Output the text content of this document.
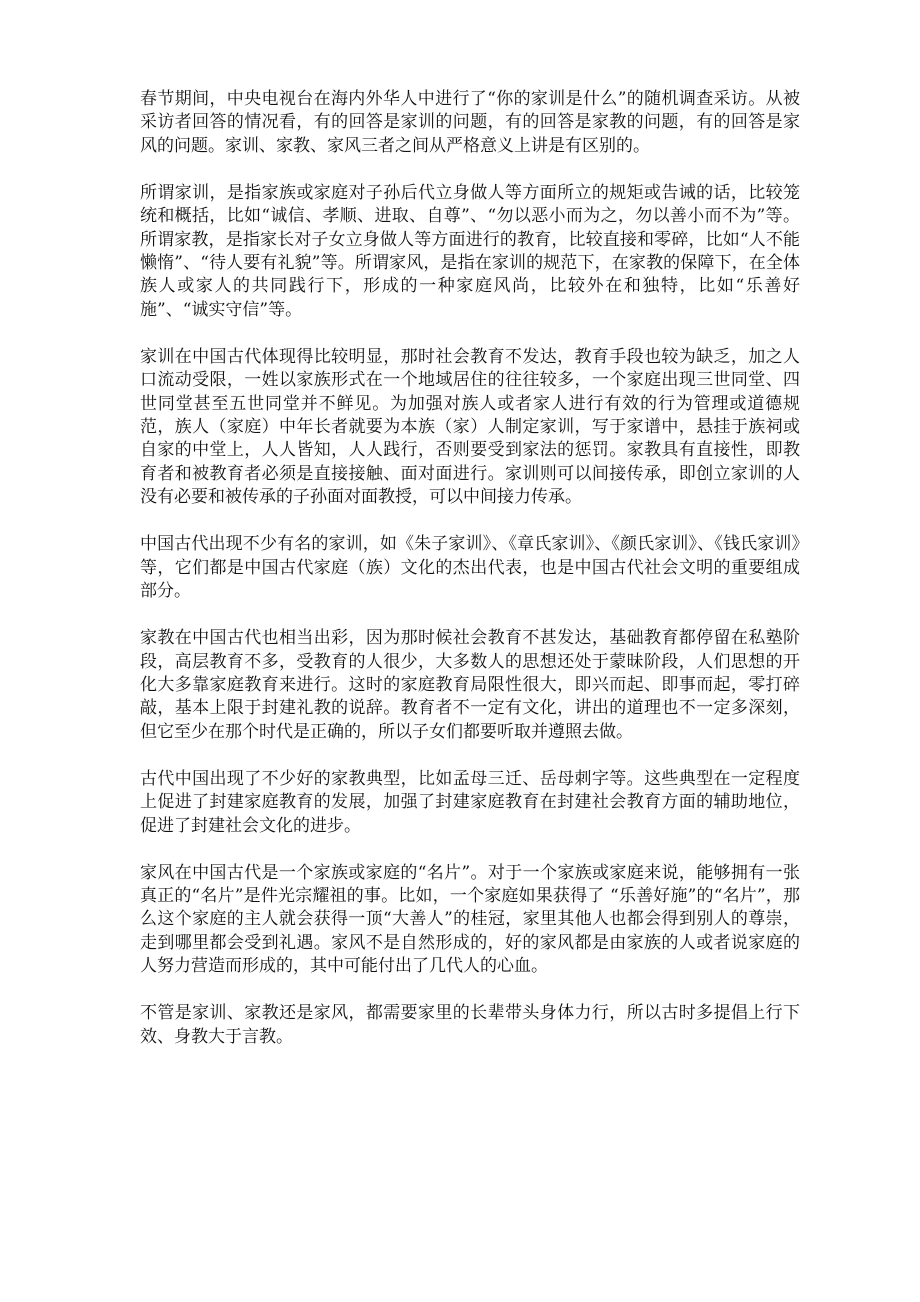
春节期间，中央电视台在海内外华人中进行了“你的家训是什么”的随机调查采访。从被采访者回答的情况看，有的回答是家训的问题，有的回答是家教的问题，有的回答是家风的问题。家训、家教、家风三者之间从严格意义上讲是有区别的。

所谓家训，是指家族或家庭对子孙后代立身做人等方面所立的规矩或告诫的话，比较笼统和概括，比如“诚信、孝顺、进取、自尊”、“勿以恶小而为之，勿以善小而不为”等。所谓家教，是指家长对子女立身做人等方面进行的教育，比较直接和零碎，比如“人不能懒惰”、“待人要有礼貌”等。所谓家风，是指在家训的规范下，在家教的保障下，在全体族人或家人的共同践行下，形成的一种家庭风尚，比较外在和独特，比如“乐善好施”、“诚实守信”等。

家训在中国古代体现得比较明显，那时社会教育不发达，教育手段也较为缺乏，加之人口流动受限，一姓以家族形式在一个地域居住的往往较多，一个家庭出现三世同堂、四世同堂甚至五世同堂并不鲜见。为加强对族人或者家人进行有效的行为管理或道德规范，族人（家庭）中年长者就要为本族（家）人制定家训，写于家谱中，悬挂于族祠或自家的中堂上，人人皆知，人人践行，否则要受到家法的惩罚。家教具有直接性，即教育者和被教育者必须是直接接触、面对面进行。家训则可以间接传承，即创立家训的人没有必要和被传承的子孙面对面教授，可以中间接力传承。

中国古代出现不少有名的家训，如《朱子家训》、《章氏家训》、《颜氏家训》、《钱氏家训》等，它们都是中国古代家庭（族）文化的杰出代表，也是中国古代社会文明的重要组成部分。

家教在中国古代也相当出彩，因为那时候社会教育不甚发达，基础教育都停留在私塾阶段，高层教育不多，受教育的人很少，大多数人的思想还处于蒙昧阶段，人们思想的开化大多靠家庭教育来进行。这时的家庭教育局限性很大，即兴而起、即事而起，零打碎敲，基本上限于封建礼教的说辞。教育者不一定有文化，讲出的道理也不一定多深刻，但它至少在那个时代是正确的，所以子女们都要听取并遵照去做。

古代中国出现了不少好的家教典型，比如孟母三迁、岳母刺字等。这些典型在一定程度上促进了封建家庭教育的发展，加强了封建家庭教育在封建社会教育方面的辅助地位，促进了封建社会文化的进步。

家风在中国古代是一个家族或家庭的“名片”。对于一个家族或家庭来说，能够拥有一张真正的“名片”是件光宗耀祖的事。比如，一个家庭如果获得了 “乐善好施”的“名片”，那么这个家庭的主人就会获得一顶“大善人”的桂冠，家里其他人也都会得到别人的尊崇，走到哪里都会受到礼遇。家风不是自然形成的，好的家风都是由家族的人或者说家庭的人努力营造而形成的，其中可能付出了几代人的心血。

不管是家训、家教还是家风，都需要家里的长辈带头身体力行，所以古时多提倡上行下效、身教大于言教。
